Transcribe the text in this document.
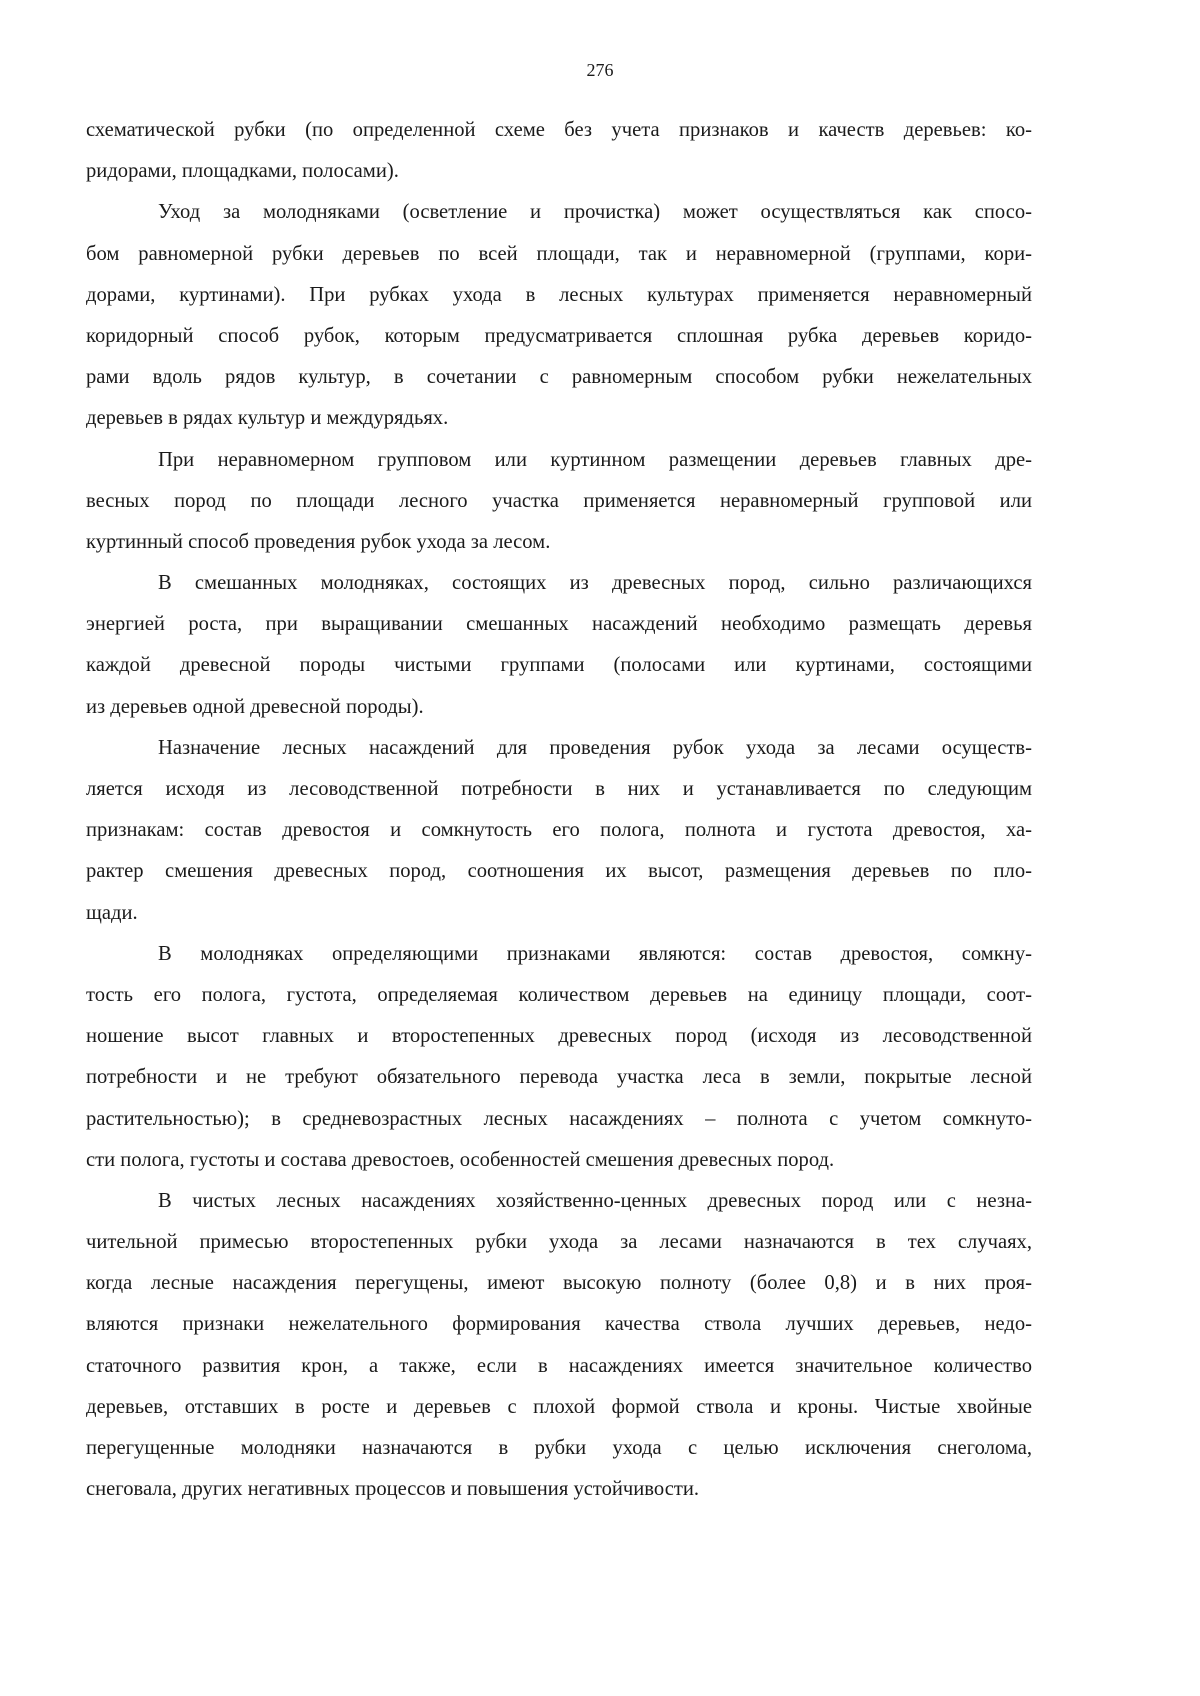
276
схематической рубки (по определенной схеме без учета признаков и качеств деревьев: ко-
ридорами, площадками, полосами).
Уход за молодняками (осветление и прочистка) может осуществляться как спосо-
бом равномерной рубки деревьев по всей площади, так и неравномерной (группами, кори-
дорами, куртинами). При рубках ухода в лесных культурах применяется неравномерный
коридорный способ рубок, которым предусматривается сплошная рубка деревьев коридо-
рами вдоль рядов культур, в сочетании с равномерным способом рубки нежелательных
деревьев в рядах культур и междурядьях.
При неравномерном групповом или куртинном размещении деревьев главных дре-
весных пород по площади лесного участка применяется неравномерный групповой или
куртинный способ проведения рубок ухода за лесом.
В смешанных молодняках, состоящих из древесных пород, сильно различающихся
энергией роста, при выращивании смешанных насаждений необходимо размещать деревья
каждой древесной породы чистыми группами (полосами или куртинами, состоящими
из деревьев одной древесной породы).
Назначение лесных насаждений для проведения рубок ухода за лесами осуществ-
ляется исходя из лесоводственной потребности в них и устанавливается по следующим
признакам: состав древостоя и сомкнутость его полога, полнота и густота древостоя, ха-
рактер смешения древесных пород, соотношения их высот, размещения деревьев по пло-
щади.
В молодняках определяющими признаками являются: состав древостоя, сомкну-
тость его полога, густота, определяемая количеством деревьев на единицу площади, соот-
ношение высот главных и второстепенных древесных пород (исходя из лесоводственной
потребности и не требуют обязательного перевода участка леса в земли, покрытые лесной
растительностью); в средневозрастных лесных насаждениях – полнота с учетом сомкнуто-
сти полога, густоты и состава древостоев, особенностей смешения древесных пород.
В чистых лесных насаждениях хозяйственно-ценных древесных пород или с незна-
чительной примесью второстепенных рубки ухода за лесами назначаются в тех случаях,
когда лесные насаждения перегущены, имеют высокую полноту (более 0,8) и в них проя-
вляются признаки нежелательного формирования качества ствола лучших деревьев, недо-
статочного развития крон, а также, если в насаждениях имеется значительное количество
деревьев, отставших в росте и деревьев с плохой формой ствола и кроны. Чистые хвойные
перегущенные молодняки назначаются в рубки ухода с целью исключения снеголома,
снеговала, других негативных процессов и повышения устойчивости.
